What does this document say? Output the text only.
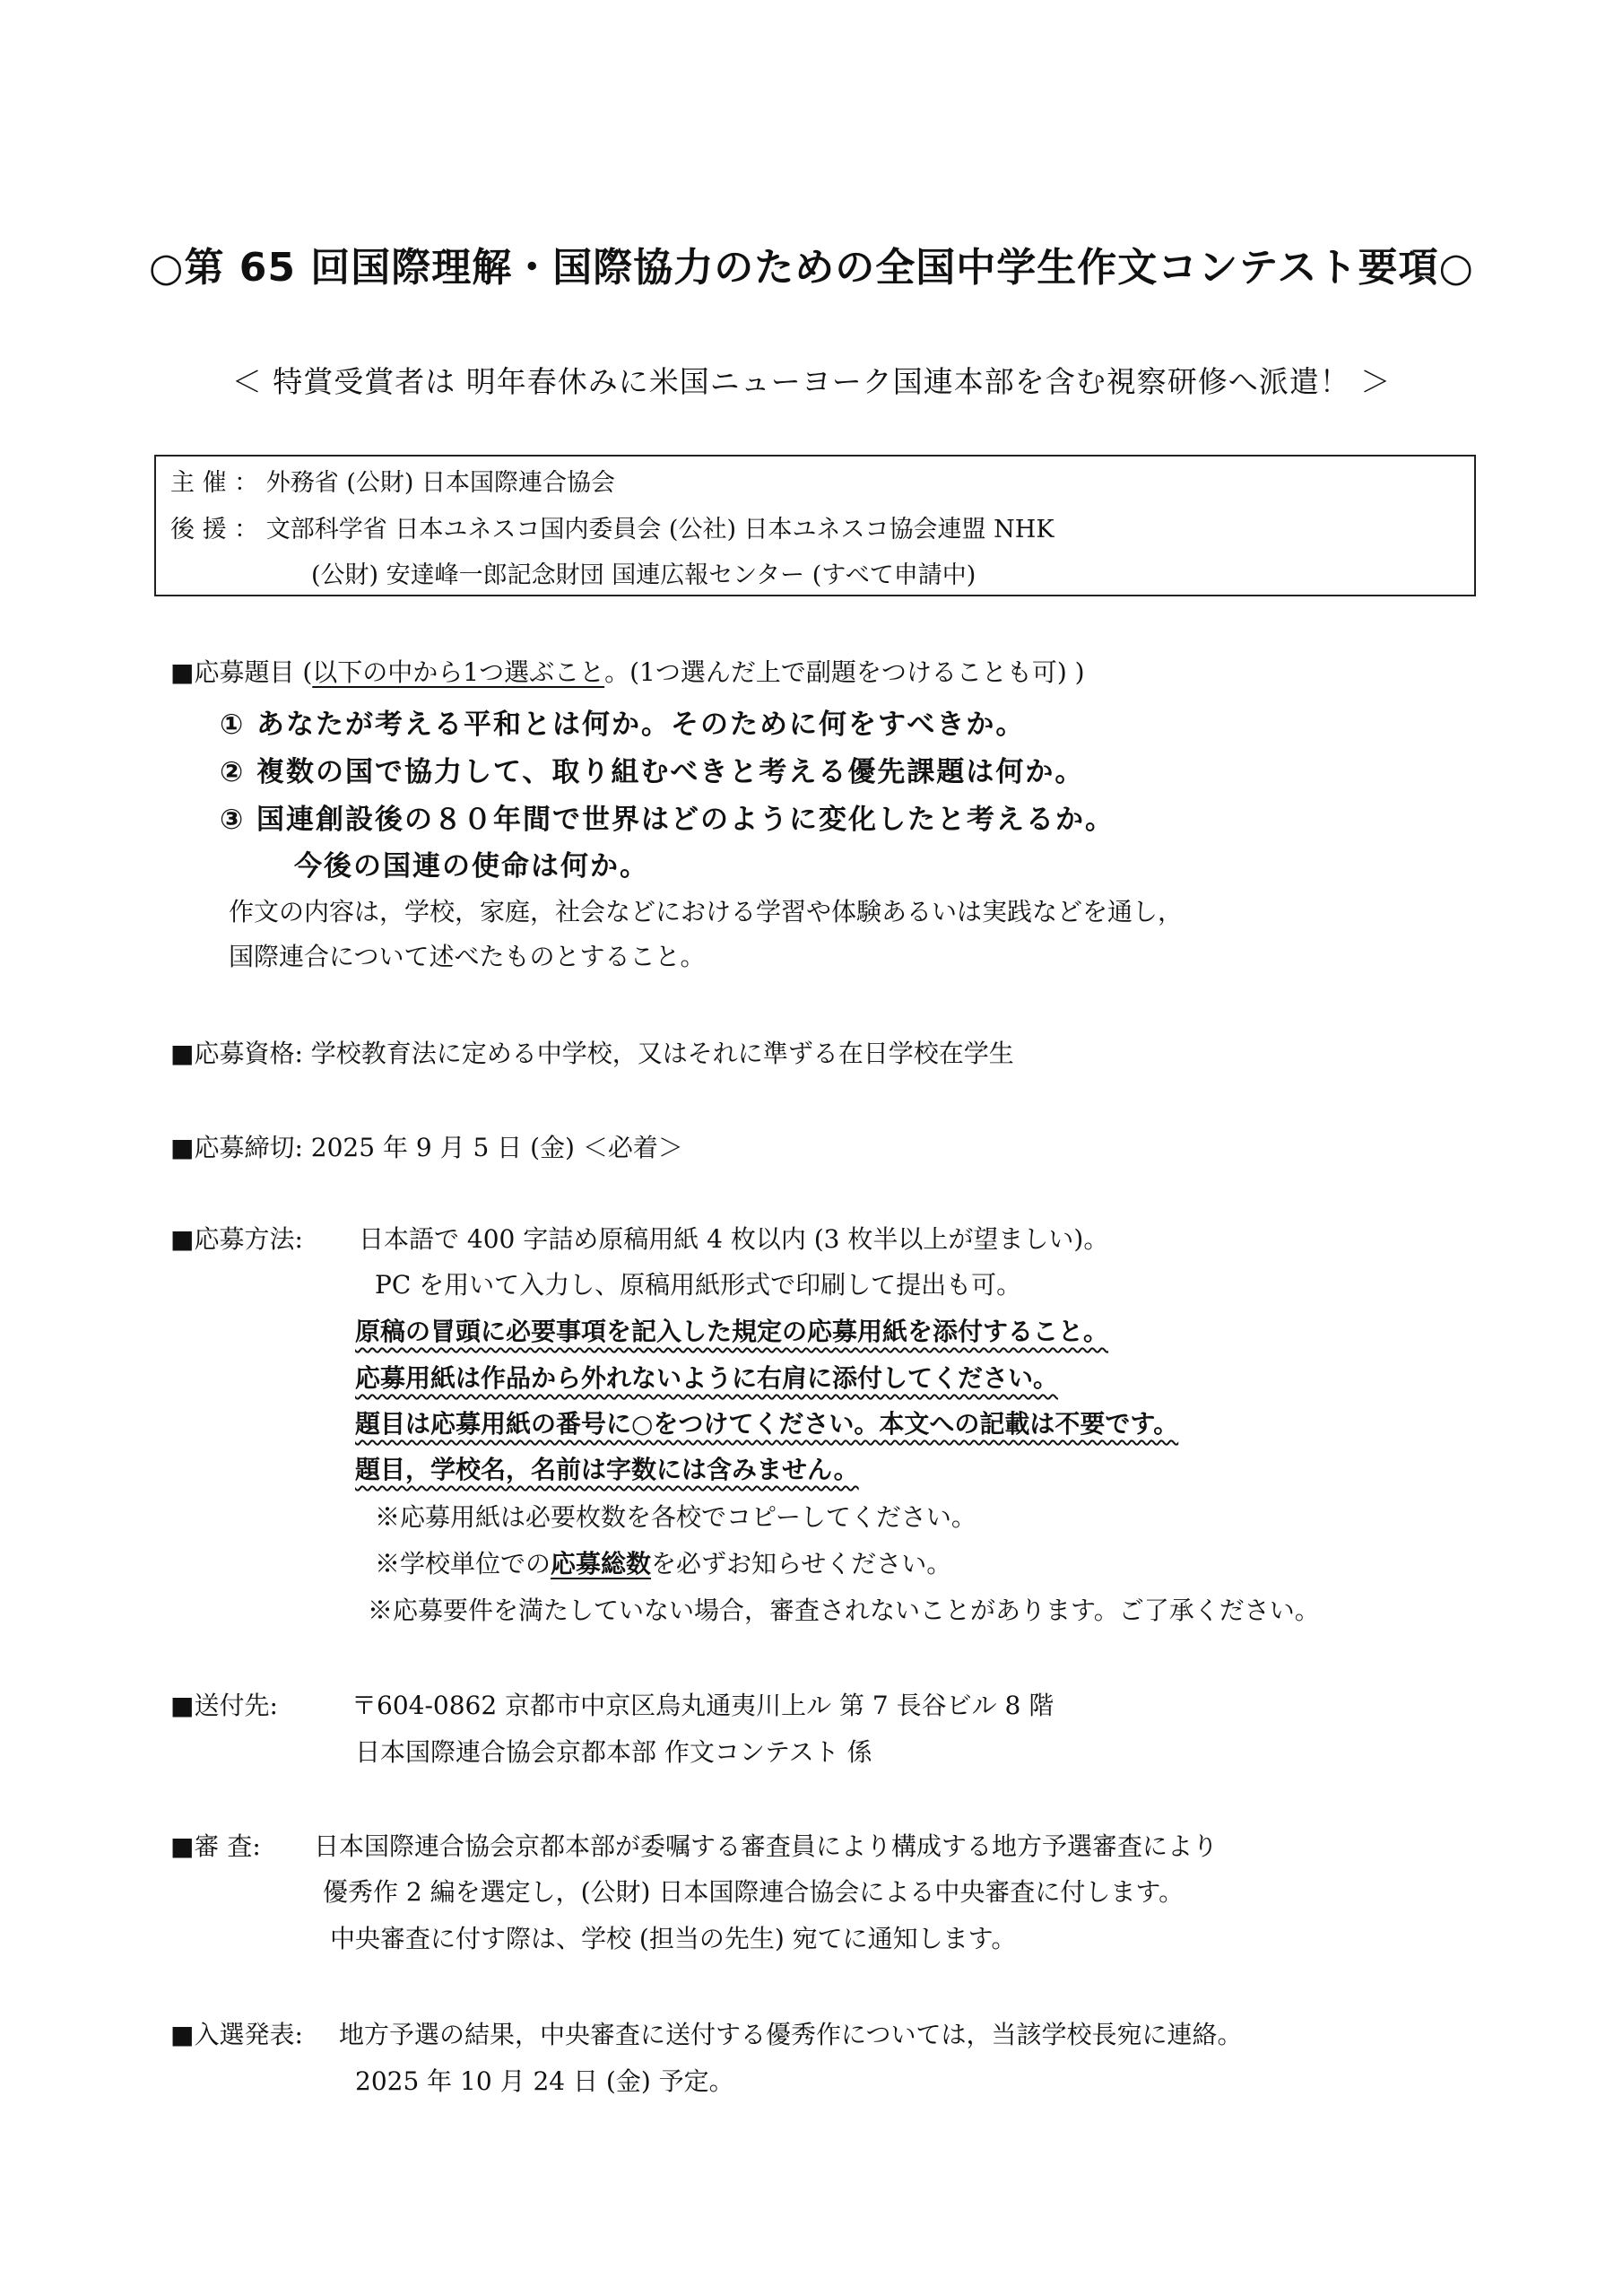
○第 65 回国際理解・国際協力のための全国中学生作文コンテスト要項○
＜ 特賞受賞者は 明年春休みに米国ニューヨーク国連本部を含む視察研修へ派遣！ ＞
主 催 ： 外務省 (公財) 日本国際連合協会
後 援 ： 文部科学省 日本ユネスコ国内委員会 (公社) 日本ユネスコ協会連盟 NHK
(公財) 安達峰一郎記念財団 国連広報センター (すべて申請中)
■応募題目 (以下の中から1つ選ぶこと。(1つ選んだ上で副題をつけることも可) )
① あなたが考える平和とは何か。そのために何をすべきか。
② 複数の国で協力して、取り組むべきと考える優先課題は何か。
③ 国連創設後の８０年間で世界はどのように変化したと考えるか。
今後の国連の使命は何か。
作文の内容は，学校，家庭，社会などにおける学習や体験あるいは実践などを通し，
国際連合について述べたものとすること。
■応募資格: 学校教育法に定める中学校，又はそれに準ずる在日学校在学生
■応募締切: 2025 年 9 月 5 日 (金) ＜必着＞
■応募方法: 日本語で 400 字詰め原稿用紙 4 枚以内 (3 枚半以上が望ましい)。
PC を用いて入力し、原稿用紙形式で印刷して提出も可。
原稿の冒頭に必要事項を記入した規定の応募用紙を添付すること。
応募用紙は作品から外れないように右肩に添付してください。
題目は応募用紙の番号に○をつけてください。本文への記載は不要です。
題目，学校名，名前は字数には含みません。
※応募用紙は必要枚数を各校でコピーしてください。
※学校単位での応募総数を必ずお知らせください。
※応募要件を満たしていない場合，審査されないことがあります。ご了承ください。
■送付先:	〒604-0862 京都市中京区烏丸通夷川上ル 第 7 長谷ビル 8 階
日本国際連合協会京都本部 作文コンテスト 係
■審 査: 日本国際連合協会京都本部が委嘱する審査員により構成する地方予選審査により
優秀作 2 編を選定し，(公財) 日本国際連合協会による中央審査に付します。
中央審査に付す際は、学校 (担当の先生) 宛てに通知します。
■入選発表: 地方予選の結果，中央審査に送付する優秀作については，当該学校長宛に連絡。
2025 年 10 月 24 日 (金) 予定。
